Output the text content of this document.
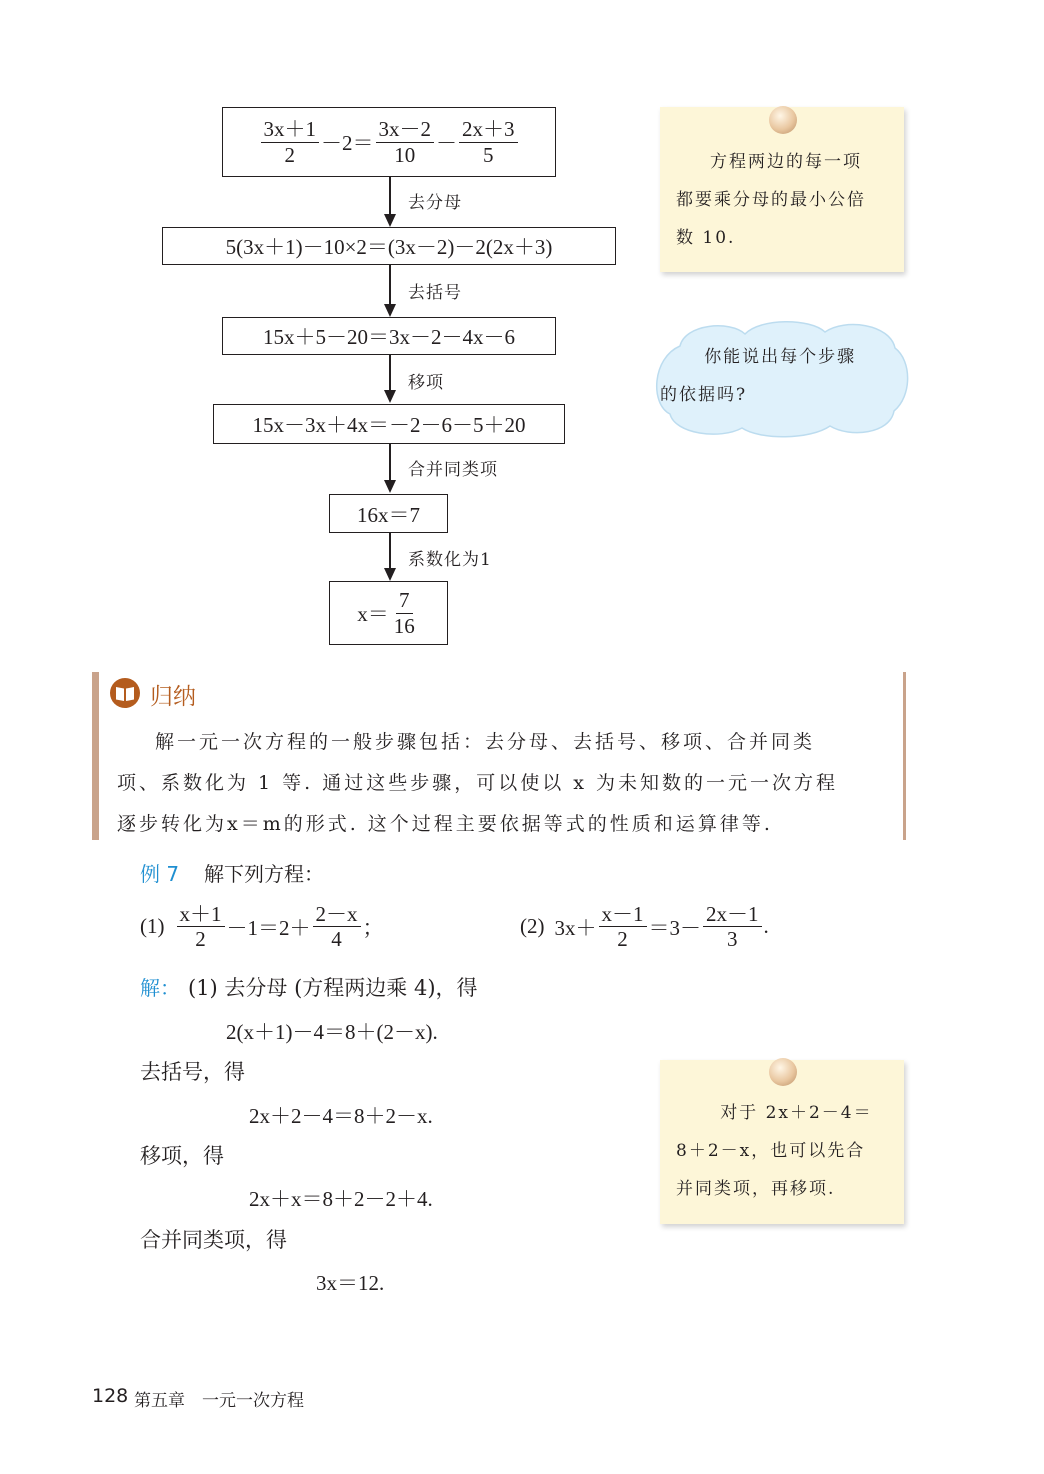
$\frac{3x+1}{2} -2= \frac{3x-2}{10} - \frac{2x+3}{5}$
去分母
5(3x＋1)－10×2＝(3x－2)－2(2x＋3)
去括号
15x＋5－20＝3x－2－4x－6
移项
15x－3x＋4x＝－2－6－5＋20
合并同类项
16x＝7
系数化为1
$x= \frac{7}{16}$
方程两边的每一项
都要乘分母的最小公倍
数 10.
你能说出每个步骤
的依据吗?
归纳
解一元一次方程的一般步骤包括：去分母、去括号、移项、合并同类
项、系数化为 1 等. 通过这些步骤，可以使以 x 为未知数的一元一次方程
逐步转化为x＝m的形式. 这个过程主要依据等式的性质和运算律等.
例 7 解下列方程：
$(1) \frac{x+1}{2} -1=2+ \frac{2-x}{4}$ ；	(2) $3x+ \frac{x-1}{2} =3- \frac{2x-1}{3}$ .
解： (1) 去分母 (方程两边乘 4)，得
2(x＋1)－4＝8＋(2－x).
去括号，得
2x＋2－4＝8＋2－x.
移项，得
2x＋x＝8＋2－2＋4.
合并同类项，得
3x＝12.
对于 2x＋2－4＝
8＋2－x，也可以先合
并同类项，再移项.
128 第五章　一元一次方程
